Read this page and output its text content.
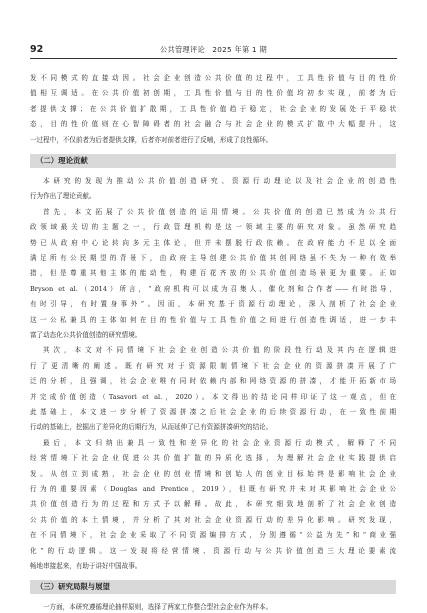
92	公共管理评论　2025 年第 1 期
发不同模式的直接动因。社会企业创造公共价值的过程中，工具性价值与目的性价
值相互调适。在公共价值初创期，工具性价值与目的性价值均初步实现，前者为后
者提供支撑；在公共价值扩散期，工具性价值趋于稳定，社会企业的发展处于平稳状
态，目的性价值则在心智障碍者的社会融合与社会企业的模式扩散中大幅提升，这
一过程中，不仅前者为后者提供支撑，后者亦对前者进行了反哺，形成了良性循环。
（二）理论贡献
本研究的发现为推动公共价值创造研究、资源行动理论以及社会企业的创造性
行为作出了理论贡献。
首先，本文拓展了公共价值创造的运用情境。公共价值的创造已然成为公共行
政领域最关切的主题之一，行政管理机构是这一领域主要的研究对象。虽然研究趋
势已从政府中心论转向多元主体论，但并未摆脱行政依赖。在政府能力不足以全面
满足所有公民期望的背景下，由政府主导创建公共价值其创网络虽不失为一种有效举
措，但是尊重其他主体的能动性，构建百花齐放的公共价值创造场景更为重要。正如
Bryson et al.（2014）所言，“政府机构可以成为召集人、催化剂和合作者——有时指导，
有时引导，有时置身事外”。因而，本研究基于资源行动理论，深入剖析了社会企业
这一公私兼具的主体如何在目的性价值与工具性价值之间进行创造性调适，进一步丰
富了动态化公共价值创造的研究情境。
其次，本文对不同情境下社会企业创造公共价值的阶段性行动及其内在逻辑进
行了更清晰的阐述。既有研究对于资源限制情境下社会企业的资源拼凑开展了广
泛的分析，且强调，社会企业唯有同时依赖内部和网络资源的拼凑，才能开拓新市场
并完成价值创造（Tasavori et al.，2020）。本文得出的结论同样印证了这一观点，但在
此基础上，本文进一步分析了资源拼凑之后社会企业的后续资源行动，在一致性前期
行动的基础上，挖掘出了差异化的后期行为，从而延伸了已有资源拼凑研究的结论。
最后，本文归纳出兼具一致性和差异化的社会企业资源行动模式，解释了不同
经营情境下社会企业促进公共价值扩散的异质化选择，为理解社会企业实践提供启
发。从创立到成熟，社会企业的创业情境和创始人的创业目标始终是影响社会企业
行为的重要因素（Douglas and Prentice，2019），但既有研究并未对其影响社会企业公
共价值创造行为的过程和方式予以解释。故此，本研究细致地剖析了社会企业创造
公共价值的本土情境，并分析了其对社会企业资源行动的差异化影响。研究发现，
在不同情境下，社会企业采取了不同资源编排方式，分别遵循“公益为先”和“商业强
化”的行动逻辑。这一发现将经营情境、资源行动与公共价值创造三大理论要素流
畅地串接起来，有助于讲好中国故事。
（三）研究局限与展望
一方面，本研究遵循理论抽样原则，选择了两家工作整合型社会企业作为样本。
